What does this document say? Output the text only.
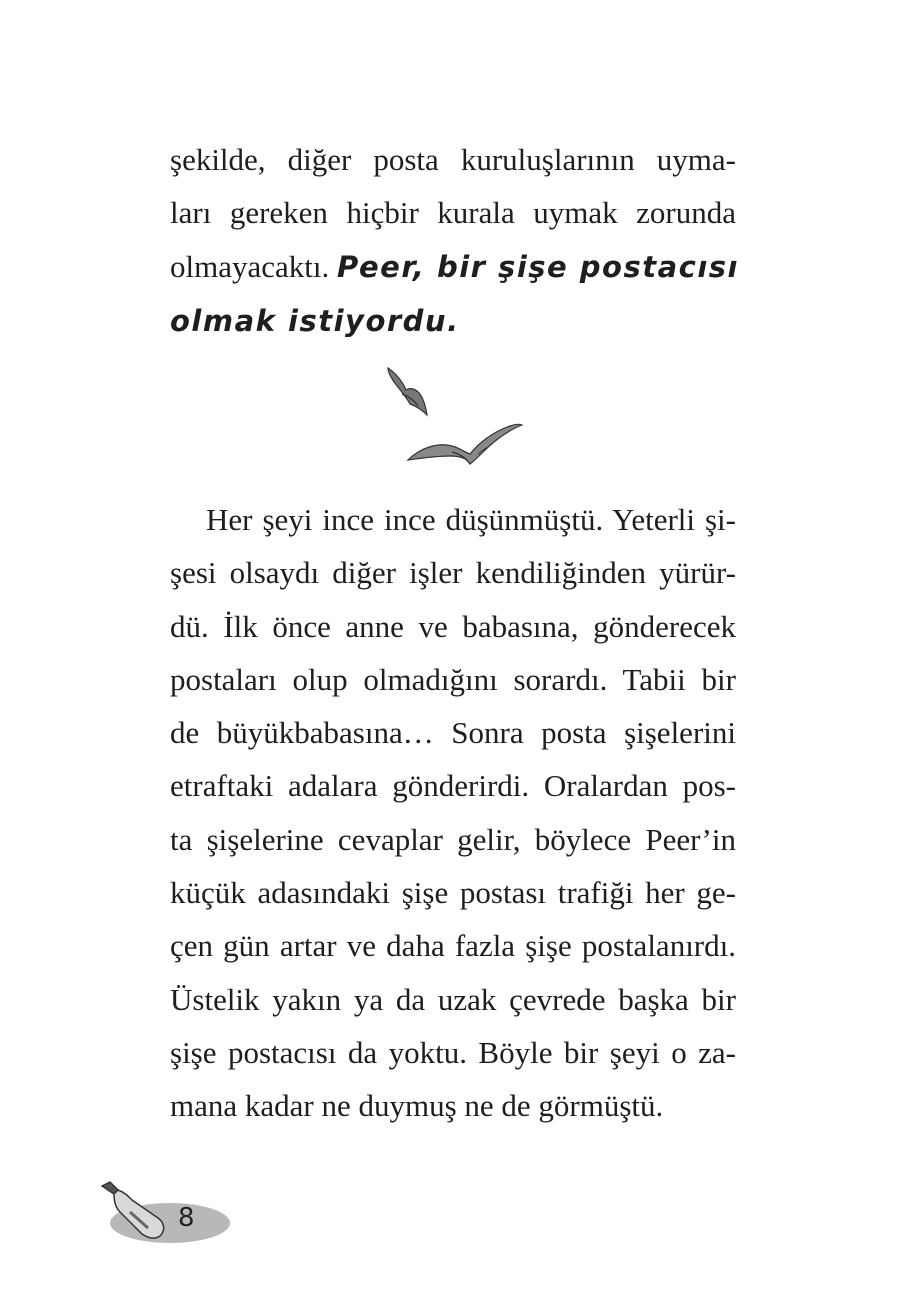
şekilde, diğer posta kuruluşlarının uyma-
ları gereken hiçbir kurala uymak zorunda
olmayacaktı. Peer, bir şişe postacısı
olmak istiyordu.
Her şeyi ince ince düşünmüştü. Yeterli şi-
şesi olsaydı diğer işler kendiliğinden yürür-
dü. İlk önce anne ve babasına, gönderecek
postaları olup olmadığını sorardı. Tabii bir
de büyükbabasına… Sonra posta şişelerini
etraftaki adalara gönderirdi. Oralardan pos-
ta şişelerine cevaplar gelir, böylece Peer’in
küçük adasındaki şişe postası trafiği her ge-
çen gün artar ve daha fazla şişe postalanırdı.
Üstelik yakın ya da uzak çevrede başka bir
şişe postacısı da yoktu. Böyle bir şeyi o za-
mana kadar ne duymuş ne de görmüştü.
8
